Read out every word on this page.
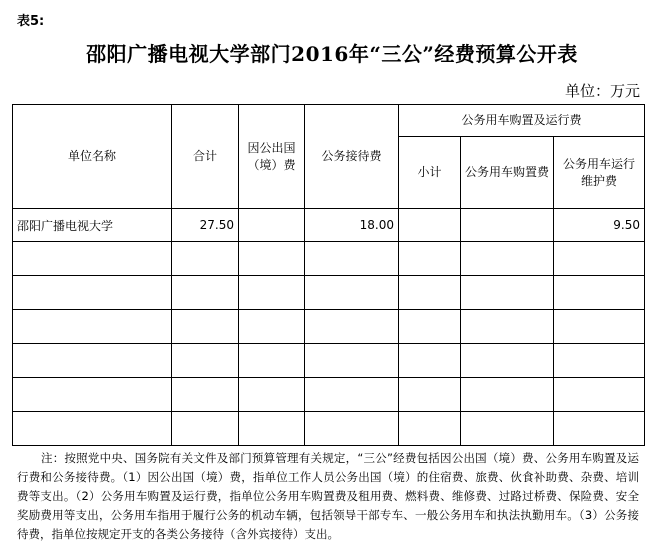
表5:
邵阳广播电视大学部门2016年“三公”经费预算公开表
单位：万元
单位名称	合计	因公出国（境）费	公务接待费	公务用车购置及运行费		
				小计	公务用车购置费	公务用车运行维护费
邵阳广播电视大学	27.50		18.00			9.50

注：按照党中央、国务院有关文件及部门预算管理有关规定，“三公”经费包括因公出国（境）费、公务用车购置及运行费和公务接待费。（1）因公出国（境）费，指单位工作人员公务出国（境）的住宿费、旅费、伙食补助费、杂费、培训费等支出。（2）公务用车购置及运行费，指单位公务用车购置费及租用费、燃料费、维修费、过路过桥费、保险费、安全奖励费用等支出，公务用车指用于履行公务的机动车辆，包括领导干部专车、一般公务用车和执法执勤用车。（3）公务接待费，指单位按规定开支的各类公务接待（含外宾接待）支出。
